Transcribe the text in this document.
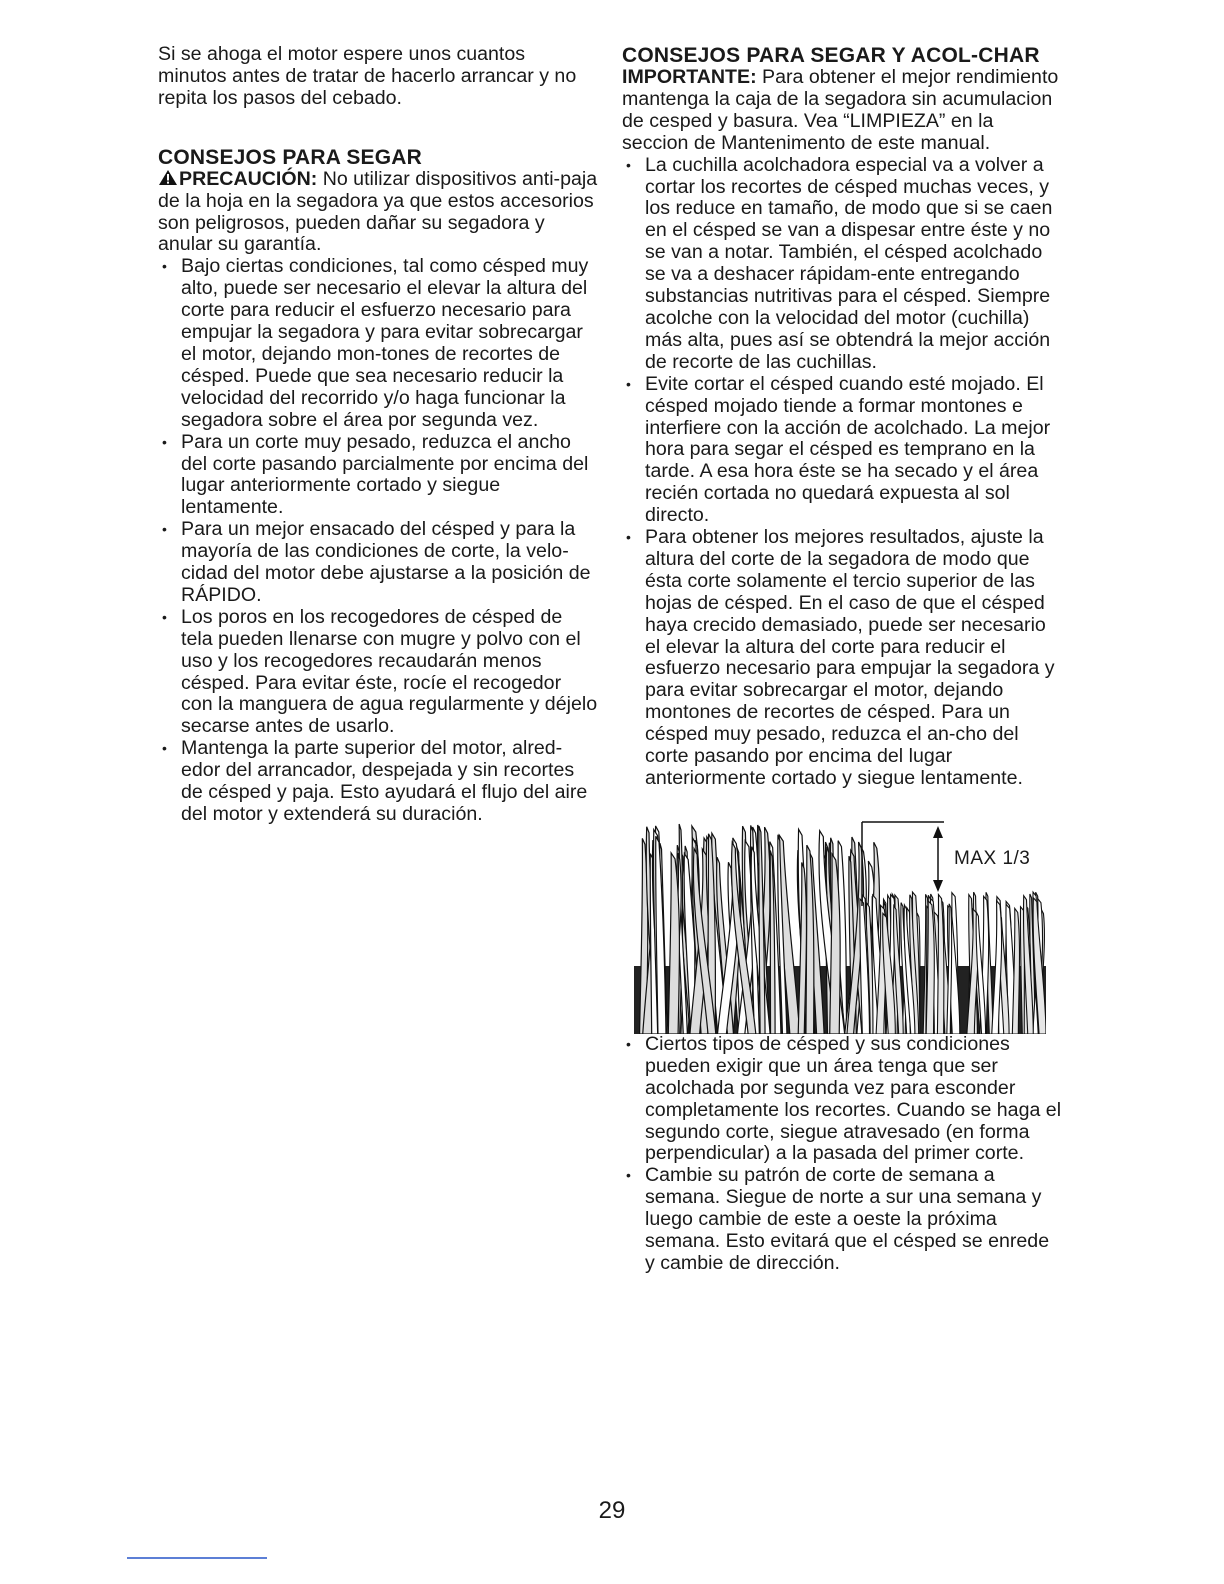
Si se ahoga el motor espere unos cuantos minutos antes de tratar de hacerlo arrancar y no repita los pasos del cebado.

CONSEJOS PARA SEGAR

PRECAUCIÓN: No utilizar dispositivos anti-paja de la hoja en la segadora ya que estos accesorios son peligrosos, pueden dañar su segadora y anular su garantía.

• Bajo ciertas condiciones, tal como césped muy alto, puede ser necesario el elevar la altura del corte para reducir el esfuerzo necesario para empujar la segadora y para evitar sobrecargar el motor, dejando mon-tones de recortes de césped. Puede que sea necesario reducir la velocidad del recorrido y/o haga funcionar la segadora sobre el área por segunda vez.
• Para un corte muy pesado, reduzca el ancho del corte pasando parcialmente por encima del lugar anteriormente cortado y siegue lentamente.
• Para un mejor ensacado del césped y para la mayoría de las condiciones de corte, la velo-cidad del motor debe ajustarse a la posición de RÁPIDO.
• Los poros en los recogedores de césped de tela pueden llenarse con mugre y polvo con el uso y los recogedores recaudarán menos césped. Para evitar éste, rocíe el recogedor con la manguera de agua regularmente y déjelo secarse antes de usarlo.
• Mantenga la parte superior del motor, alred-edor del arrancador, despejada y sin recortes de césped y paja. Esto ayudará el flujo del aire del motor y extenderá su duración.
CONSEJOS PARA SEGAR Y ACOL-CHAR

IMPORTANTE: Para obtener el mejor rendimiento mantenga la caja de la segadora sin acumulacion de cesped y basura. Vea “LIMPIEZA” en la seccion de Mantenimento de este manual.

• La cuchilla acolchadora especial va a volver a cortar los recortes de césped muchas veces, y los reduce en tamaño, de modo que si se caen en el césped se van a dispesar entre éste y no se van a notar. También, el césped acolchado se va a deshacer rápidam-ente entregando substancias nutritivas para el césped. Siempre acolche con la velocidad del motor (cuchilla) más alta, pues así se obtendrá la mejor acción de recorte de las cuchillas.
• Evite cortar el césped cuando esté mojado. El césped mojado tiende a formar montones e interfiere con la acción de acolchado. La mejor hora para segar el césped es temprano en la tarde. A esa hora éste se ha secado y el área recién cortada no quedará expuesta al sol directo.
• Para obtener los mejores resultados, ajuste la altura del corte de la segadora de modo que ésta corte solamente el tercio superior de las hojas de césped. En el caso de que el césped haya crecido demasiado, puede ser necesario el elevar la altura del corte para reducir el esfuerzo necesario para empujar la segadora y para evitar sobrecargar el motor, dejando montones de recortes de césped. Para un césped muy pesado, reduzca el an-cho del corte pasando por encima del lugar anteriormente cortado y siegue lentamente.
MAX 1/3
• Ciertos tipos de césped y sus condiciones pueden exigir que un área tenga que ser acolchada por segunda vez para esconder completamente los recortes. Cuando se haga el segundo corte, siegue atravesado (en forma perpendicular) a la pasada del primer corte.
• Cambie su patrón de corte de semana a semana. Siegue de norte a sur una semana y luego cambie de este a oeste la próxima semana. Esto evitará que el césped se enrede y cambie de dirección.
29
